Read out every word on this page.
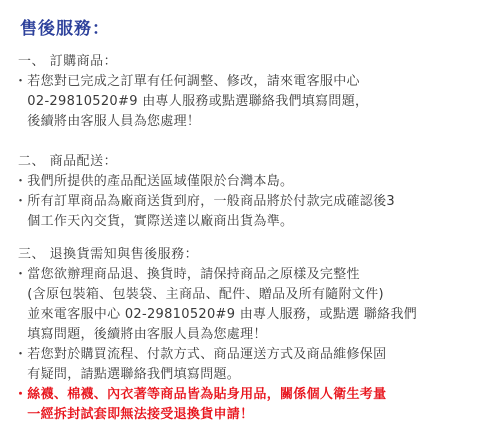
售後服務：
一、 訂購商品：
・若您對已完成之訂單有任何調整、修改，請來電客服中心
　02-29810520#9 由專人服務或點選聯絡我們填寫問題，
　後續將由客服人員為您處理！
二、 商品配送：
・我們所提供的產品配送區域僅限於台灣本島。
・所有訂單商品為廠商送貨到府，一般商品將於付款完成確認後3
　個工作天內交貨，實際送達以廠商出貨為準。
三、 退換貨需知與售後服務：
・當您欲辦理商品退、換貨時，請保持商品之原樣及完整性
　(含原包裝箱、包裝袋、主商品、配件、贈品及所有隨附文件)
　並來電客服中心 02-29810520#9 由專人服務，或點選 聯絡我們
　填寫問題，後續將由客服人員為您處理！
・若您對於購買流程、付款方式、商品運送方式及商品維修保固
　有疑問，請點選聯絡我們填寫問題。
・絲襪、棉襪、內衣著等商品皆為貼身用品，關係個人衛生考量
　一經拆封試套即無法接受退換貨申請！
